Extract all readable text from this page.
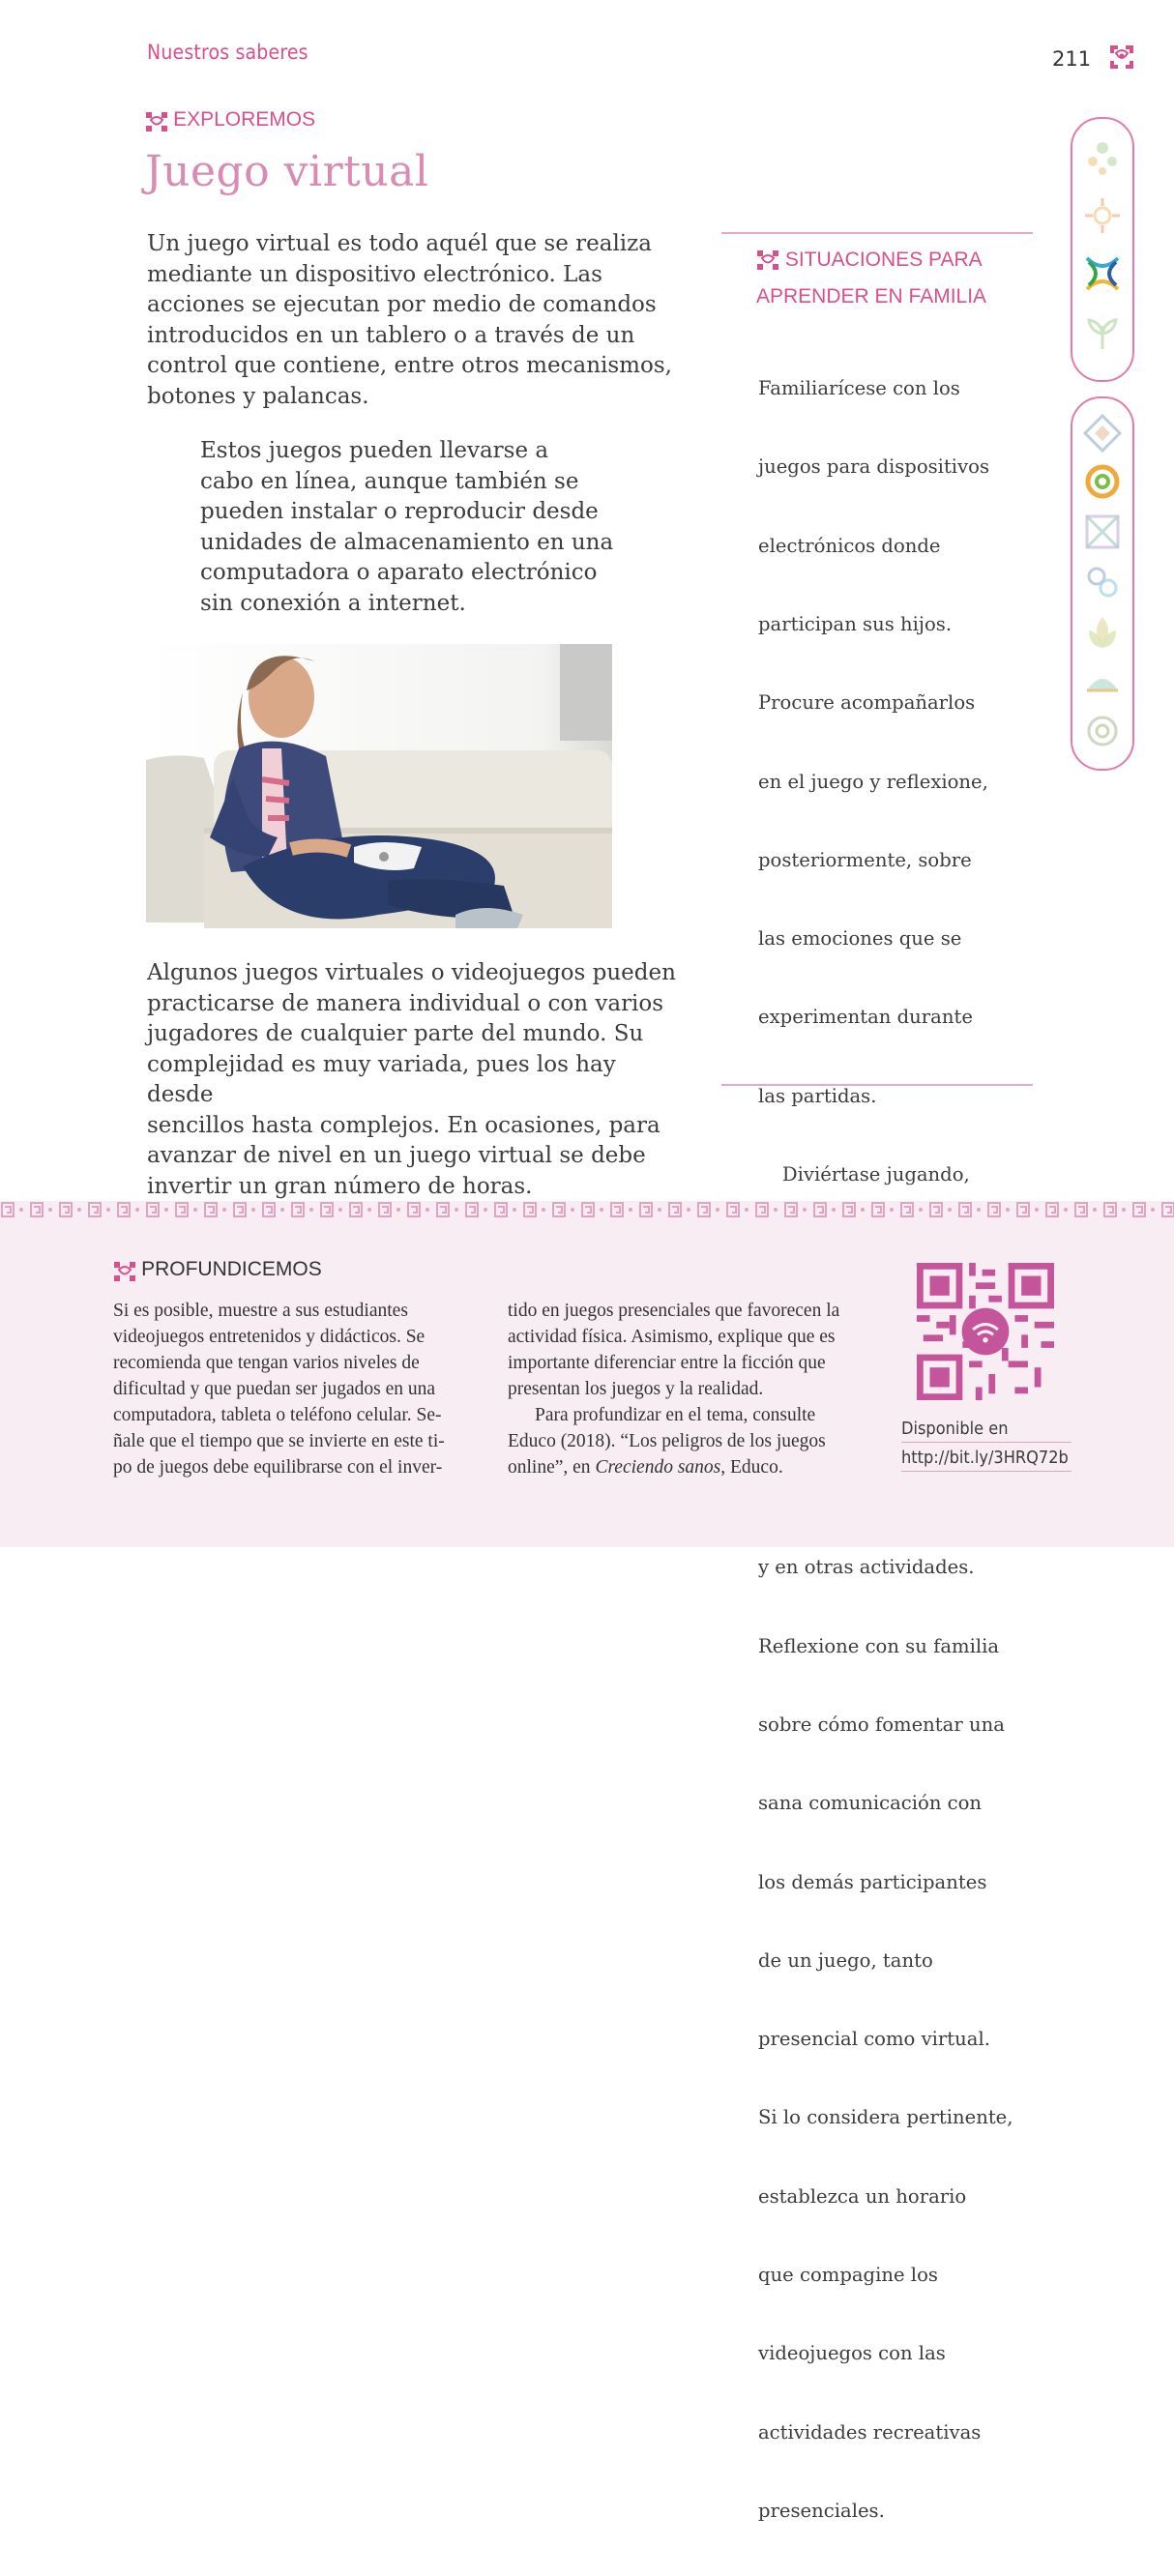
Nuestros saberes	211
EXPLOREMOS
Juego virtual
Un juego virtual es todo aquél que se realiza
mediante un dispositivo electrónico. Las
acciones se ejecutan por medio de comandos
introducidos en un tablero o a través de un
control que contiene, entre otros mecanismos,
botones y palancas.
Estos juegos pueden llevarse a
cabo en línea, aunque también se
pueden instalar o reproducir desde
unidades de almacenamiento en una
computadora o aparato electrónico
sin conexión a internet.
Algunos juegos virtuales o videojuegos pueden
practicarse de manera individual o con varios
jugadores de cualquier parte del mundo. Su
complejidad es muy variada, pues los hay desde
sencillos hasta complejos. En ocasiones, para
avanzar de nivel en un juego virtual se debe
invertir un gran número de horas.
SITUACIONES PARA
APRENDER EN FAMILIA

Familiarícese con los

juegos para dispositivos

electrónicos donde

participan sus hijos.

Procure acompañarlos

en el juego y reflexione,

posteriormente, sobre

las emociones que se

experimentan durante

las partidas.

Diviértase jugando,

y en otras actividades.

Reflexione con su familia

sobre cómo fomentar una

sana comunicación con

los demás participantes

de un juego, tanto

presencial como virtual.

Si lo considera pertinente,

establezca un horario

que compagine los

videojuegos con las

actividades recreativas

presenciales.

PROFUNDICEMOS
Si es posible, muestre a sus estudiantes
videojuegos entretenidos y didácticos. Se
recomienda que tengan varios niveles de
dificultad y que puedan ser jugados en una
computadora, tableta o teléfono celular. Se-
ñale que el tiempo que se invierte en este ti-
po de juegos debe equilibrarse con el inver-
tido en juegos presenciales que favorecen la
actividad física. Asimismo, explique que es
importante diferenciar entre la ficción que
presentan los juegos y la realidad.
Para profundizar en el tema, consulte
Educo (2018). “Los peligros de los juegos
online”, en Creciendo sanos, Educo.
Disponible en
http://bit.ly/3HRQ72b
